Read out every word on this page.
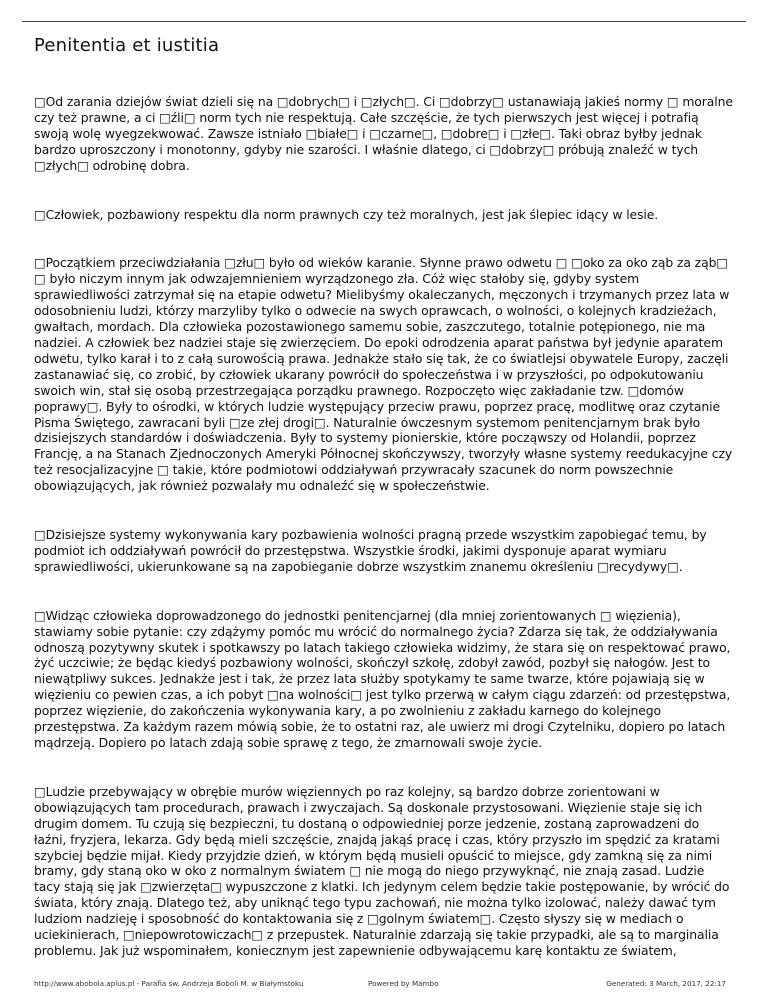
Penitentia et iustitia

□Od zarania dziejów świat dzieli się na □dobrych□ i □złych□. Ci □dobrzy□ ustanawiają jakieś normy □ moralne czy też prawne, a ci □źli□ norm tych nie respektują. Całe szczęście, że tych pierwszych jest więcej i potrafią swoją wolę wyegzekwować. Zawsze istniało □białe□ i □czarne□, □dobre□ i □złe□. Taki obraz byłby jednak bardzo uproszczony i monotonny, gdyby nie szarości. I właśnie dlatego, ci □dobrzy□ próbują znaleźć w tych □złych□ odrobinę dobra.

□Człowiek, pozbawiony respektu dla norm prawnych czy też moralnych, jest jak ślepiec idący w lesie.

□Początkiem przeciwdziałania □złu□ było od wieków karanie. Słynne prawo odwetu □ □oko za oko ząb za ząb□ □ było niczym innym jak odwzajemnieniem wyrządzonego zła. Cóż więc stałoby się, gdyby system sprawiedliwości zatrzymał się na etapie odwetu? Mielibyśmy okaleczanych, męczonych i trzymanych przez lata w odosobnieniu ludzi, którzy marzyliby tylko o odwecie na swych oprawcach, o wolności, o kolejnych kradzieżach, gwałtach, mordach. Dla człowieka pozostawionego samemu sobie, zaszczutego, totalnie potępionego, nie ma nadziei. A człowiek bez nadziei staje się zwierzęciem. Do epoki odrodzenia aparat państwa był jedynie aparatem odwetu, tylko karał i to z całą surowością prawa. Jednakże stało się tak, że co światlejsi obywatele Europy, zaczęli zastanawiać się, co zrobić, by człowiek ukarany powrócił do społeczeństwa i w przyszłości, po odpokutowaniu swoich win, stał się osobą przestrzegająca porządku prawnego. Rozpoczęto więc zakładanie tzw. □domów poprawy□. Były to ośrodki, w których ludzie występujący przeciw prawu, poprzez pracę, modlitwę oraz czytanie Pisma Świętego, zawracani byli □ze złej drogi□. Naturalnie ówczesnym systemom penitencjarnym brak było dzisiejszych standardów i doświadczenia. Były to systemy pionierskie, które począwszy od Holandii, poprzez Francję, a na Stanach Zjednoczonych Ameryki Północnej skończywszy, tworzyły własne systemy reedukacyjne czy też resocjalizacyjne □ takie, które podmiotowi oddziaływań przywracały szacunek do norm powszechnie obowiązujących, jak również pozwalały mu odnaleźć się w społeczeństwie.

□Dzisiejsze systemy wykonywania kary pozbawienia wolności pragną przede wszystkim zapobiegać temu, by podmiot ich oddziaływań powrócił do przestępstwa. Wszystkie środki, jakimi dysponuje aparat wymiaru sprawiedliwości, ukierunkowane są na zapobieganie dobrze wszystkim znanemu określeniu □recydywy□.

□Widząc człowieka doprowadzonego do jednostki penitencjarnej (dla mniej zorientowanych □ więzienia), stawiamy sobie pytanie: czy zdążymy pomóc mu wrócić do normalnego życia? Zdarza się tak, że oddziaływania odnoszą pozytywny skutek i spotkawszy po latach takiego człowieka widzimy, że stara się on respektować prawo, żyć uczciwie; że będąc kiedyś pozbawiony wolności, skończył szkołę, zdobył zawód, pozbył się nałogów. Jest to niewątpliwy sukces. Jednakże jest i tak, że przez lata służby spotykamy te same twarze, które pojawiają się w więzieniu co pewien czas, a ich pobyt □na wolności□ jest tylko przerwą w całym ciągu zdarzeń: od przestępstwa, poprzez więzienie, do zakończenia wykonywania kary, a po zwolnieniu z zakładu karnego do kolejnego przestępstwa. Za każdym razem mówią sobie, że to ostatni raz, ale uwierz mi drogi Czytelniku, dopiero po latach mądrzeją. Dopiero po latach zdają sobie sprawę z tego, że zmarnowali swoje życie.

□Ludzie przebywający w obrębie murów więziennych po raz kolejny, są bardzo dobrze zorientowani w obowiązujących tam procedurach, prawach i zwyczajach. Są doskonale przystosowani. Więzienie staje się ich drugim domem. Tu czują się bezpieczni, tu dostaną o odpowiedniej porze jedzenie, zostaną zaprowadzeni do łaźni, fryzjera, lekarza. Gdy będą mieli szczęście, znajdą jakąś pracę i czas, który przyszło im spędzić za kratami szybciej będzie mijał. Kiedy przyjdzie dzień, w którym będą musieli opuścić to miejsce, gdy zamkną się za nimi bramy, gdy staną oko w oko z normalnym światem □ nie mogą do niego przywyknąć, nie znają zasad. Ludzie tacy stają się jak □zwierzęta□ wypuszczone z klatki. Ich jedynym celem będzie takie postępowanie, by wrócić do świata, który znają. Dlatego też, aby uniknąć tego typu zachowań, nie można tylko izolować, należy dawać tym ludziom nadzieję i sposobność do kontaktowania się z □golnym światem□. Często słyszy się w mediach o uciekinierach, □niepowrotowiczach□ z przepustek. Naturalnie zdarzają się takie przypadki, ale są to marginalia problemu. Jak już wspominałem, koniecznym jest zapewnienie odbywającemu karę kontaktu ze światem,

http://www.abobola.aplus.pl - Parafia św. Andrzeja Boboli M. w Białymstoku	Powered by Mambo	Generated: 3 March, 2017, 22:17
